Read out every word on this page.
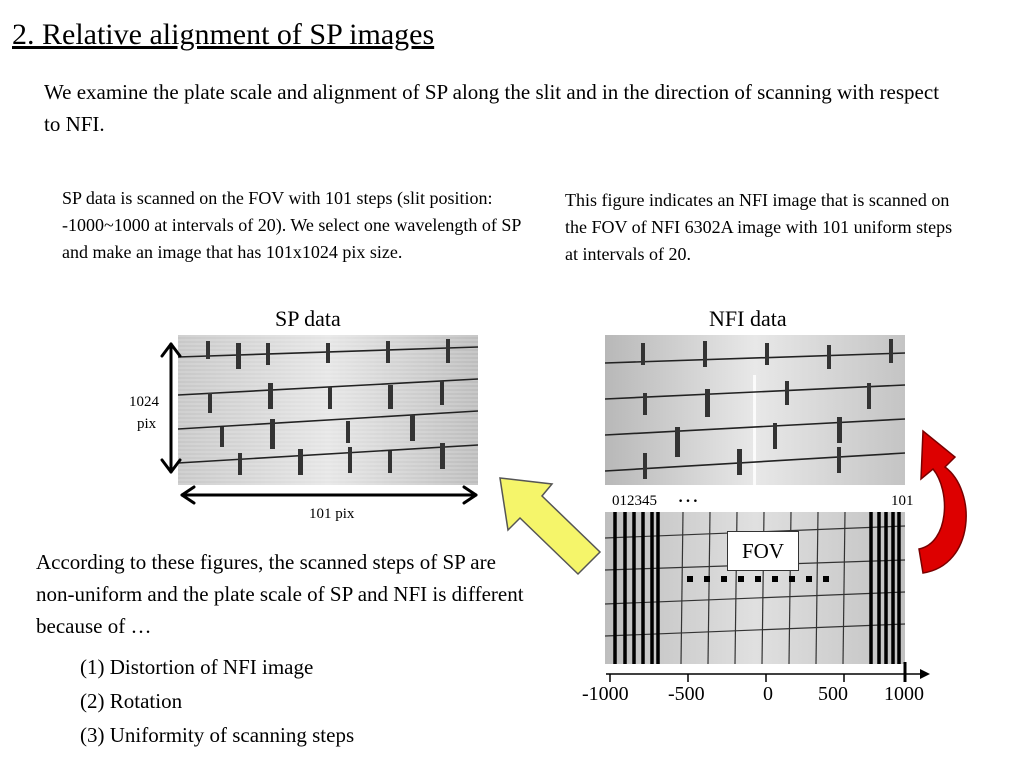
2. Relative alignment of SP images
We examine the plate scale and alignment of SP along the slit and in the direction of scanning with respect to NFI.
SP data is scanned on the FOV with 101 steps (slit position: -1000~1000 at intervals of 20). We select one wavelength of SP and make an image that has 101x1024 pix size.
This figure indicates an NFI image that is scanned on the FOV of NFI 6302A image with 101 uniform steps at intervals of 20.
SP data	NFI data
1024
pix
101 pix
012345 …	101
FOV
-1000 -500	0 500 1000
According to these figures, the scanned steps of SP are non-uniform and the plate scale of SP and NFI is different because of …
(1) Distortion of NFI image
(2) Rotation
(3) Uniformity of scanning steps
